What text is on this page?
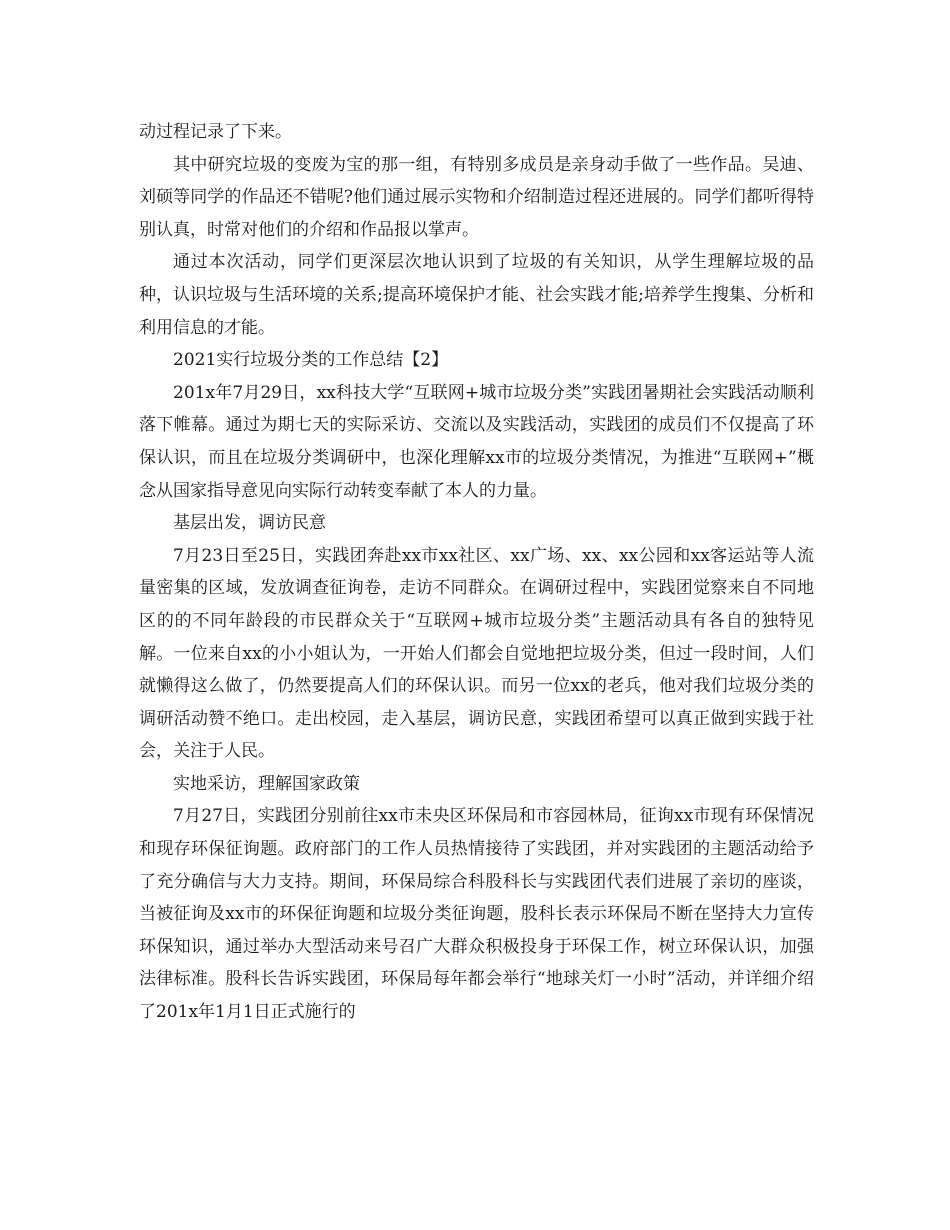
动过程记录了下来。

其中研究垃圾的变废为宝的那一组，有特别多成员是亲身动手做了一些作品。吴迪、刘硕等同学的作品还不错呢?他们通过展示实物和介绍制造过程还进展的。同学们都听得特别认真，时常对他们的介绍和作品报以掌声。

通过本次活动，同学们更深层次地认识到了垃圾的有关知识，从学生理解垃圾的品种，认识垃圾与生活环境的关系;提高环境保护才能、社会实践才能;培养学生搜集、分析和利用信息的才能。

2021实行垃圾分类的工作总结【2】

201x年7月29日，xx科技大学“互联网+城市垃圾分类”实践团暑期社会实践活动顺利落下帷幕。通过为期七天的实际采访、交流以及实践活动，实践团的成员们不仅提高了环保认识，而且在垃圾分类调研中，也深化理解xx市的垃圾分类情况，为推进“互联网+”概念从国家指导意见向实际行动转变奉献了本人的力量。

基层出发，调访民意

7月23日至25日，实践团奔赴xx市xx社区、xx广场、xx、xx公园和xx客运站等人流量密集的区域，发放调查征询卷，走访不同群众。在调研过程中，实践团觉察来自不同地区的的不同年龄段的市民群众关于“互联网+城市垃圾分类”主题活动具有各自的独特见解。一位来自xx的小小姐认为，一开始人们都会自觉地把垃圾分类，但过一段时间，人们就懒得这么做了，仍然要提高人们的环保认识。而另一位xx的老兵，他对我们垃圾分类的调研活动赞不绝口。走出校园，走入基层，调访民意，实践团希望可以真正做到实践于社会，关注于人民。

实地采访，理解国家政策

7月27日，实践团分别前往xx市未央区环保局和市容园林局，征询xx市现有环保情况和现存环保征询题。政府部门的工作人员热情接待了实践团，并对实践团的主题活动给予了充分确信与大力支持。期间，环保局综合科股科长与实践团代表们进展了亲切的座谈，当被征询及xx市的环保征询题和垃圾分类征询题，股科长表示环保局不断在坚持大力宣传环保知识，通过举办大型活动来号召广大群众积极投身于环保工作，树立环保认识，加强法律标准。股科长告诉实践团，环保局每年都会举行“地球关灯一小时”活动，并详细介绍了201x年1月1日正式施行的
